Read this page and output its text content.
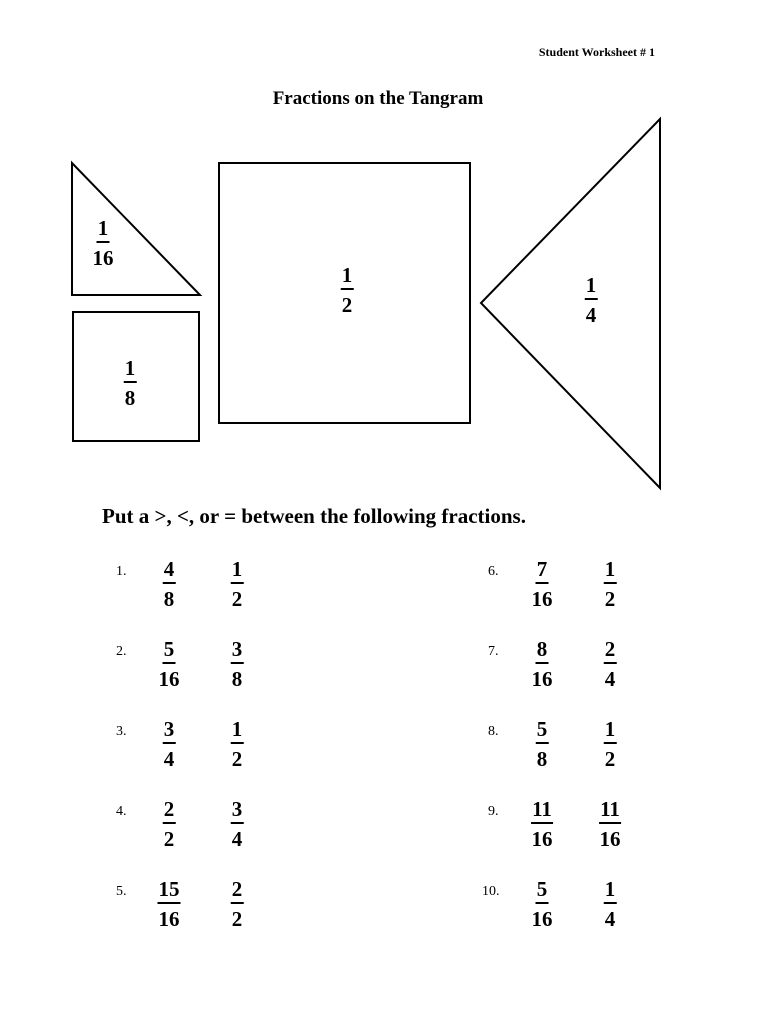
Student Worksheet # 1
Fractions on the Tangram
$\frac{1}{16}$
$\frac{1}{8}$
$\frac{1}{2}$	$\frac{1}{4}$
Put a >, <, or = between the following fractions.
1. $\frac{4}{8}$	$\frac{1}{2}$
2. $\frac{5}{16} \frac{3}{8}$
3. $\frac{3}{4}$	$\frac{1}{2}$
4. $\frac{2}{2}$	$\frac{3}{4}$
5. $\frac{15}{16} \frac{2}{2}$
6. $\frac{7}{16} \frac{1}{2}$
7. $\frac{8}{16} \frac{2}{4}$
8. $\frac{5}{8}$	$\frac{1}{2}$
9. $\frac{11}{16} \frac{11}{16}$
10. $\frac{5}{16} \frac{1}{4}$
